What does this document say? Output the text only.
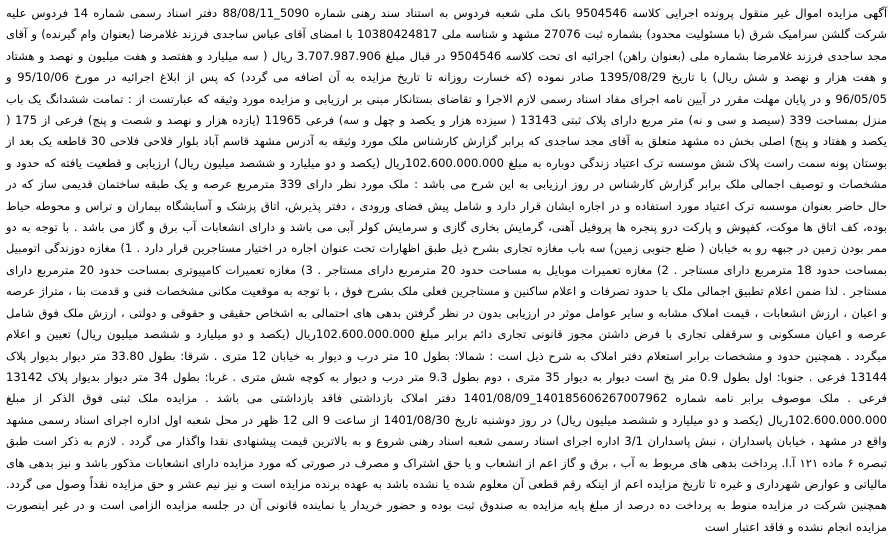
آگهی مزایده اموال غیر منقول پرونده اجرایی کلاسه 9504546 بانک ملی شعبه فردوس به استناد سند رهنی شماره 5090_88/08/11 دفتر اسناد رسمی شماره 14 فردوس علیه شرکت گلشن سرامیک شرق (با مسئولیت محدود) بشماره ثبت 27076 مشهد و شناسه ملی 10380424817 با امضای آقای عباس ساجدی فرزند غلامرضا (بعنوان وام گیرنده) و آقای مجد ساجدی فرزند غلامرضا بشماره ملی (بعنوان راهن) اجرائیه ای تحت کلاسه 9504546 در قبال مبلغ 3.707.987.906 ریال ( سه میلیارد و هفتصد و هفت میلیون و نهصد و هشتاد و هفت هزار و نهصد و شش ریال) با تاریخ 1395/08/29 صادر نموده (که خسارت روزانه تا تاریخ مزایده به آن اضافه می گردد) که پس از ابلاغ اجرائیه در مورخ 95/10/06 و 96/05/05 و در پایان مهلت مقرر در آیین نامه اجرای مفاد اسناد رسمی لازم الاجرا و تقاضای بستانکار مبنی بر ارزیابی و مزایده مورد وثیقه که عبارتست از : تمامت ششدانگ یک باب منزل بمساحت 339 (سیصد و سی و نه) متر مربع دارای پلاک ثبتی 13143 ( سیزده هزار و یکصد و چهل و سه) فرعی 11965 (یازده هزار و نهصد و شصت و پنج) فرعی از 175 ( یکصد و هفتاد و پنج) اصلی بخش ده مشهد متعلق به آقای مجد ساجدی که برابر گزارش کارشناس ملک مورد وثیقه به آدرس مشهد قاسم آباد بلوار فلاحی فلاحی 30 قاطعه یک بعد از بوستان پونه سمت راست پلاک شش موسسه ترک اعتیاد زندگی دوباره به مبلغ 102.600.000.000ریال (یکصد و دو میلیارد و ششصد میلیون ریال) ارزیابی و قطعیت یافته که حدود و مشخصات و توصیف اجمالی ملک برابر گزارش کارشناس در روز ارزیابی به این شرح می باشد : ملک مورد نظر دارای 339 مترمربع عرصه و یک طبقه ساختمان قدیمی ساز که در حال حاضر بعنوان موسسه ترک اعتیاد مورد استفاده و در اجاره ایشان قرار دارد و شامل پیش فضای ورودی ، دفتر پذیرش، اتاق پزشک و آسایشگاه بیماران و تراس و محوطه حیاط بوده، کف اتاق ها موکت، کفپوش و پارکت درو پنجره ها پروفیل آهنی، گرمایش بخاری گازی و سرمایش کولر آبی می باشد و دارای انشعابات آب برق و گاز می باشد . با توجه به دو ممر بودن زمین در جبهه رو به خیابان ( ضلع جنوبی زمین) سه باب مغازه تجاری بشرح ذیل طبق اظهارات تحت عنوان اجاره در اختیار مستاجرین قرار دارد . 1) مغازه دوزندگی اتومبیل بمساحت حدود 18 مترمربع دارای مستاجر . 2) مغازه تعمیرات موبایل به مساحت حدود 20 مترمربع دارای مستاجر . 3) مغازه تعمیرات کامپیوتری بمساحت حدود 20 مترمربع دارای مستاجر . لذا ضمن اعلام تطبیق اجمالی ملک با حدود تصرفات و اعلام ساکنین و مستاجرین فعلی ملک بشرح فوق ، با توجه به موقعیت مکانی مشخصات فنی و قدمت بنا ، متراژ عرصه و اعیان ، ارزش انشعابات ، قیمت املاک مشابه و سایر عوامل موثر در ارزیابی بدون در نظر گرفتن بدهی های احتمالی به اشخاص حقیقی و حقوقی و دولتی ، ارزش ملک فوق شامل عرصه و اعیان مسکونی و سرقفلی تجاری با فرض داشتن مجوز قانونی تجاری دائم برابر مبلغ 102.600.000.000ریال (یکصد و دو میلیارد و ششصد میلیون ریال) تعیین و اعلام میگردد . همچنین حدود و مشخصات برابر استعلام دفتر املاک به شرح ذیل است : شمالا: بطول 10 متر درب و دیوار به خیابان 12 متری . شرقا: بطول 33.80 متر دیوار بدیوار پلاک 13144 فرعی . جنوبا: اول بطول 0.9 متر پخ است دیوار به دیوار 35 متری ، دوم بطول 9.3 متر درب و دیوار به کوچه شش متری . غربا: بطول 34 متر دیوار بدیوار پلاک 13142 فرعی . ملک موصوف برابر نامه شماره 140185606267007962_1401/08/09 دفتر املاک بازداشتی فاقد بازداشتی می باشد . مزایده ملک ثبتی فوق الذکر از مبلغ 102.600.000.000ریال (یکصد و دو میلیارد و ششصد میلیون ریال) در روز دوشنبه تاریخ 1401/08/30 از ساعت 9 الی 12 ظهر در محل شعبه اول اداره اجرای اسناد رسمی مشهد واقع در مشهد ، خیابان پاسداران ، نبش پاسداران 3/1 اداره اجرای اسناد رسمی شعبه اسناد رهنی شروع و به بالاترین قیمت پیشنهادی نقدا واگذار می گردد . لازم به ذکر است طبق تبصره ۶ ماده ۱۲۱ آ.ا. پرداخت بدهی های مربوط به آب ، برق و گاز اعم از انشعاب و یا حق اشتراک و مصرف در صورتی که مورد مزایده دارای انشعابات مذکور باشد و نیز بدهی های مالیاتی و عوارض شهرداری و غیره تا تاریخ مزایده اعم از اینکه رقم قطعی آن معلوم شده یا نشده باشد به عهده برنده مزایده است و نیز نیم عشر و حق مزایده نقداً وصول می گردد. همچنین شرکت در مزایده منوط به پرداخت ده درصد از مبلغ پایه مزایده به صندوق ثبت بوده و حضور خریدار یا نماینده قانونی آن در جلسه مزایده الزامی است و در غیر اینصورت مزایده انجام نشده و فاقد اعتبار است
